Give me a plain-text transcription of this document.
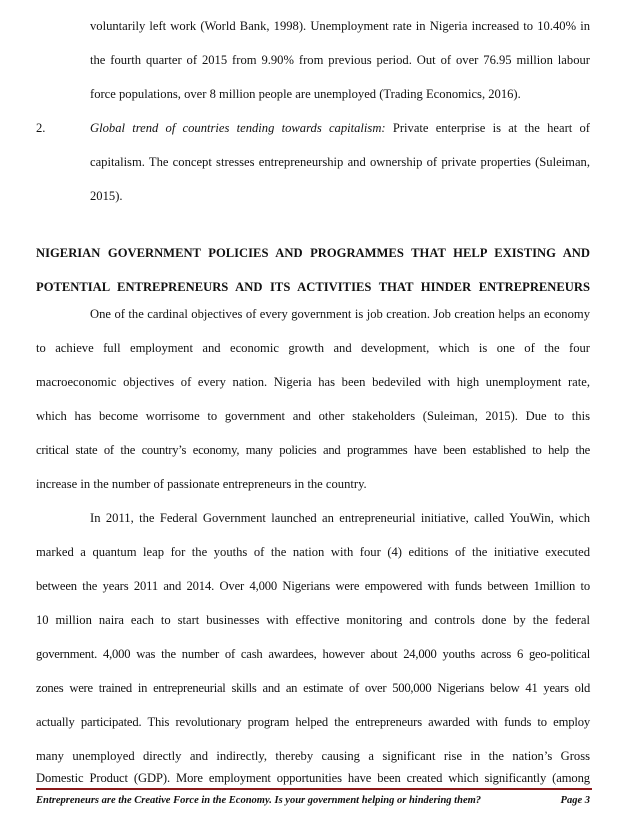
voluntarily left work (World Bank, 1998). Unemployment rate in Nigeria increased to 10.40% in
the fourth quarter of 2015 from 9.90% from previous period. Out of over 76.95 million labour
force populations, over 8 million people are unemployed (Trading Economics, 2016).
2.	Global trend of countries tending towards capitalism: Private enterprise is at the heart of
capitalism. The concept stresses entrepreneurship and ownership of private properties (Suleiman,
2015).
NIGERIAN GOVERNMENT POLICIES AND PROGRAMMES THAT HELP EXISTING AND
POTENTIAL ENTREPRENEURS AND ITS ACTIVITIES THAT HINDER ENTREPRENEURS
One of the cardinal objectives of every government is job creation. Job creation helps an economy
to achieve full employment and economic growth and development, which is one of the four
macroeconomic objectives of every nation. Nigeria has been bedeviled with high unemployment rate,
which has become worrisome to government and other stakeholders (Suleiman, 2015). Due to this
critical state of the country’s economy, many policies and programmes have been established to help the
increase in the number of passionate entrepreneurs in the country.
In 2011, the Federal Government launched an entrepreneurial initiative, called YouWin, which
marked a quantum leap for the youths of the nation with four (4) editions of the initiative executed
between the years 2011 and 2014. Over 4,000 Nigerians were empowered with funds between 1million to
10 million naira each to start businesses with effective monitoring and controls done by the federal
government. 4,000 was the number of cash awardees, however about 24,000 youths across 6 geo-political
zones were trained in entrepreneurial skills and an estimate of over 500,000 Nigerians below 41 years old
actually participated. This revolutionary program helped the entrepreneurs awarded with funds to employ
many unemployed directly and indirectly, thereby causing a significant rise in the nation’s Gross
Domestic Product (GDP). More employment opportunities have been created which significantly (among
Entrepreneurs are the Creative Force in the Economy. Is your government helping or hindering them?	Page 3
